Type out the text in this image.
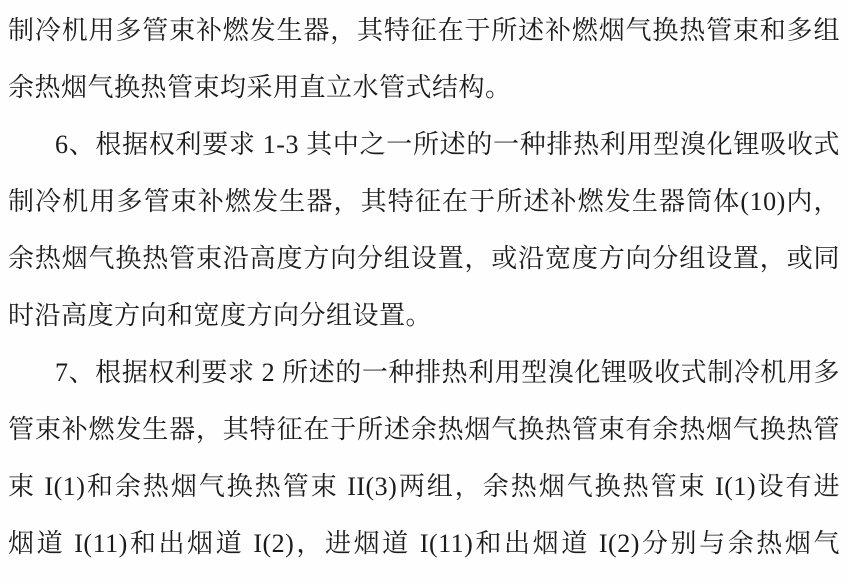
制冷机用多管束补燃发生器，其特征在于所述补燃烟气换热管束和多组
余热烟气换热管束均采用直立水管式结构。
6、根据权利要求 1-3 其中之一所述的一种排热利用型溴化锂吸收式
制冷机用多管束补燃发生器，其特征在于所述补燃发生器筒体(10)内，
余热烟气换热管束沿高度方向分组设置，或沿宽度方向分组设置，或同
时沿高度方向和宽度方向分组设置。
7、根据权利要求 2 所述的一种排热利用型溴化锂吸收式制冷机用多
管束补燃发生器，其特征在于所述余热烟气换热管束有余热烟气换热管
束 I(1)和余热烟气换热管束 II(3)两组，余热烟气换热管束 I(1)设有进
烟道 I(11)和出烟道 I(2)，进烟道 I(11)和出烟道 I(2)分别与余热烟气
